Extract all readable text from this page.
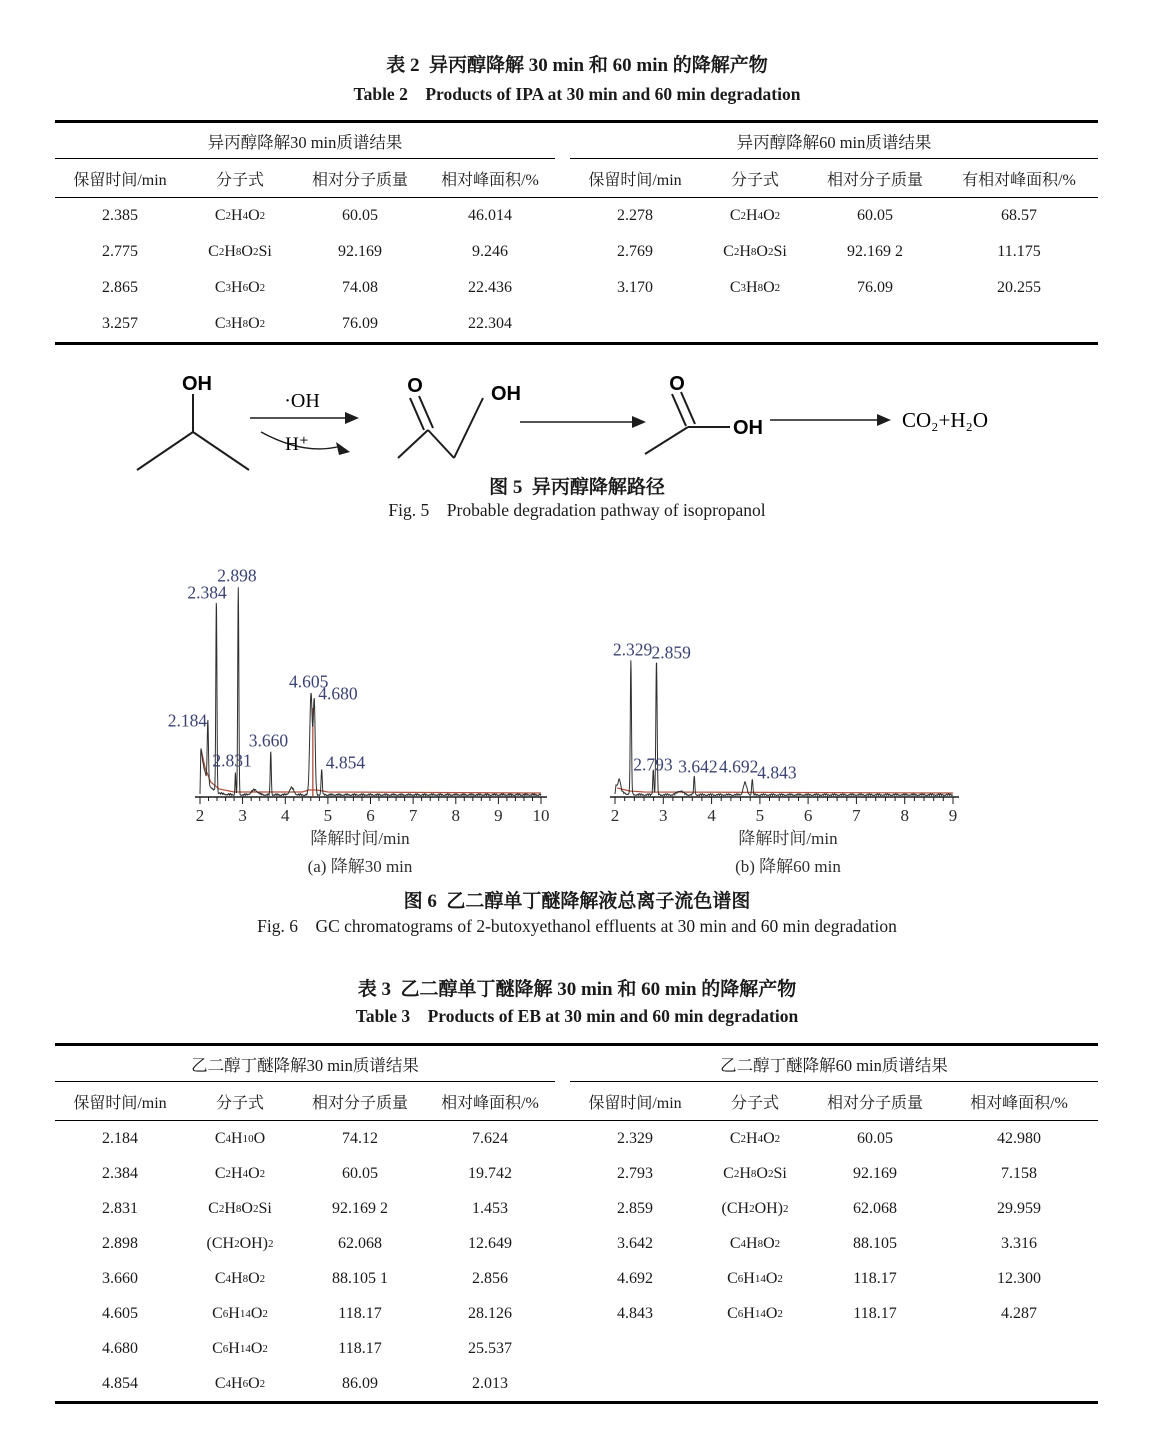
表 2  异丙醇降解 30 min 和 60 min 的降解产物
Table 2    Products of IPA at 30 min and 60 min degradation
异丙醇降解30 min质谱结果	异丙醇降解60 min质谱结果
保留时间/min	分子式	相对分子质量	相对峰面积/%	保留时间/min	分子式	相对分子质量	有相对峰面积/%
2.385	C 2 H 4 O 2	60.05	46.014	2.278	C 2 H 4 O 2	60.05	68.57
2.775	C 2 H 8 O 2 Si	92.169	9.246	2.769	C 2 H 8 O 2 Si	92.169 2	11.175
2.865	C 3 H 6 O 2	74.08	22.436	3.170	C 3 H 8 O 2	76.09	20.255
3.257	C 3 H 8 O 2	76.09	22.304
OH
·OH
H⁺
O	OH	O
OH	CO₂+H₂O
图 5  异丙醇降解路径
Fig. 5    Probable degradation pathway of isopropanol
2 3 4 5 6 7 8 9 10
2.184
2.384
2.831
2.898
3.660
4.605
4.680
4.854
2 3 4 5 6 7 8 9
2.329
2.793
2.859
3.642 4.692
4.843
降解时间/min	降解时间/min
(a) 降解30 min	(b) 降解60 min
图 6  乙二醇单丁醚降解液总离子流色谱图
Fig. 6    GC chromatograms of 2-butoxyethanol effluents at 30 min and 60 min degradation
表 3  乙二醇单丁醚降解 30 min 和 60 min 的降解产物
Table 3    Products of EB at 30 min and 60 min degradation
乙二醇丁醚降解30 min质谱结果	乙二醇丁醚降解60 min质谱结果
保留时间/min	分子式	相对分子质量	相对峰面积/%	保留时间/min	分子式	相对分子质量	相对峰面积/%
2.184	C 4 H 10 O	74.12	7.624	2.329	C 2 H 4 O 2	60.05	42.980
2.384	C 2 H 4 O 2	60.05	19.742	2.793	C 2 H 8 O 2 Si	92.169	7.158
2.831	C 2 H 8 O 2 Si	92.169 2	1.453	2.859	(CH 2 OH) 2	62.068	29.959
2.898	(CH 2 OH) 2	62.068	12.649	3.642	C 4 H 8 O 2	88.105	3.316
3.660	C 4 H 8 O 2	88.105 1	2.856	4.692	C 6 H 14 O 2	118.17	12.300
4.605	C 6 H 14 O 2	118.17	28.126	4.843	C 6 H 14 O 2	118.17	4.287
4.680	C 6 H 14 O 2	118.17	25.537
4.854	C 4 H 6 O 2	86.09	2.013
